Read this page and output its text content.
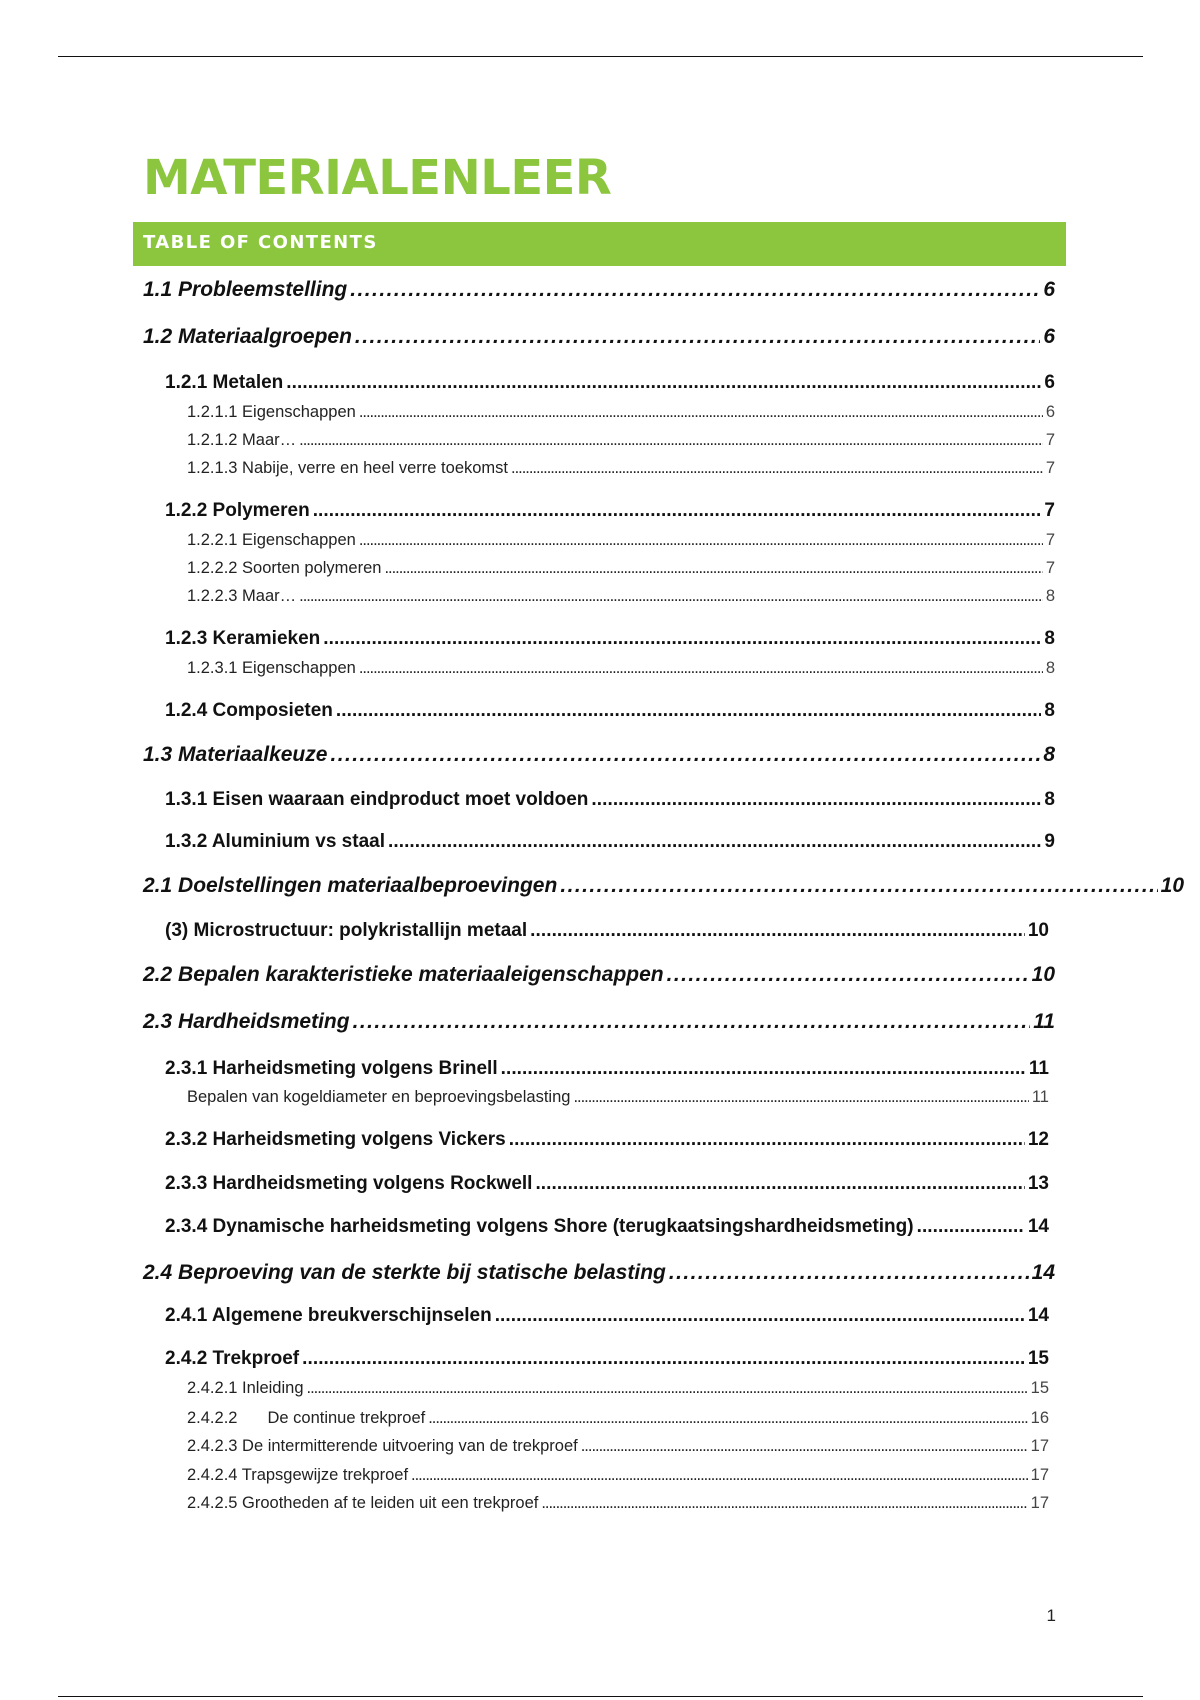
MATERIALENLEER
TABLE OF CONTENTS
1.1 Probleemstelling . . .	6
1.2 Materiaalgroepen . . .	6
1.2.1 Metalen . . .	6
1.2.1.1 Eigenschappen . . .	6
1.2.1.2 Maar… . . .	7
1.2.1.3 Nabije, verre en heel verre toekomst . . .	7
1.2.2 Polymeren . . .	7
1.2.2.1 Eigenschappen . . .	7
1.2.2.2 Soorten polymeren . . .	7
1.2.2.3 Maar… . . .	8
1.2.3 Keramieken . . .	8
1.2.3.1 Eigenschappen . . .	8
1.2.4 Composieten . . .	8
1.3 Materiaalkeuze . . .	8
1.3.1 Eisen waaraan eindproduct moet voldoen . . .	8
1.3.2 Aluminium vs staal . . .	9
2.1 Doelstellingen materiaalbeproevingen . . .	10
(3) Microstructuur: polykristallijn metaal . . .	10
2.2 Bepalen karakteristieke materiaaleigenschappen . . .	10
2.3 Hardheidsmeting . . .	11
2.3.1 Harheidsmeting volgens Brinell . . .	11
Bepalen van kogeldiameter en beproevingsbelasting . . .	11
2.3.2 Harheidsmeting volgens Vickers . . .	12
2.3.3 Hardheidsmeting volgens Rockwell . . .	13
2.3.4 Dynamische harheidsmeting volgens Shore (terugkaatsingshardheidsmeting) . . .	14
2.4 Beproeving van de sterkte bij statische belasting . . .	14
2.4.1 Algemene breukverschijnselen . . .	14
2.4.2 Trekproef . . .	15
2.4.2.1 Inleiding . . .	15
2.4.2.2 De continue trekproef . . .	16
2.4.2.3 De intermitterende uitvoering van de trekproef . . .	17
2.4.2.4 Trapsgewijze trekproef . . .	17
2.4.2.5 Grootheden af te leiden uit een trekproef . . .	17
1
